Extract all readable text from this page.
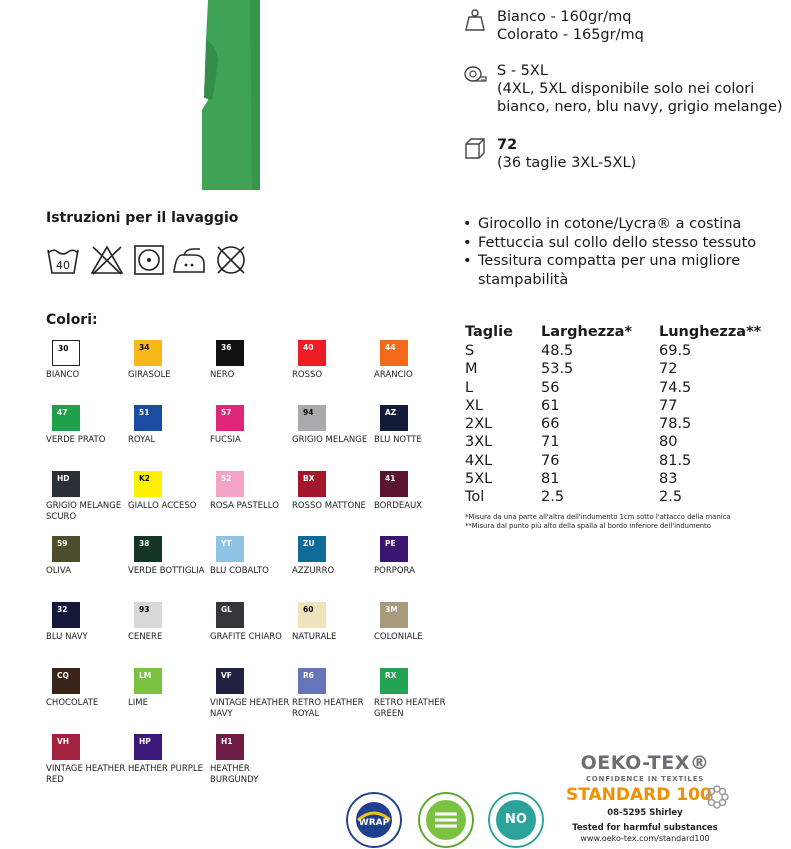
Bianco - 160gr/mq
Colorato - 165gr/mq
S - 5XL
(4XL, 5XL disponibile solo nei colori
bianco, nero, blu navy, grigio melange)
72
(36 taglie 3XL-5XL)
Istruzioni per il lavaggio
40
• Girocollo in cotone/Lycra® a costina
• Fettuccia sul collo dello stesso tessuto
• Tessitura compatta per una migliore stampabilità
Colori:
30
BIANCO
34
GIRASOLE
36
NERO
40
ROSSO
44
ARANCIO
47
VERDE PRATO
51
ROYAL
57
FUCSIA
94
GRIGIO MELANGE
AZ
BLU NOTTE
HD
GRIGIO MELANGE SCURO
K2
GIALLO ACCESO
52
ROSA PASTELLO
BX
ROSSO MATTONE
41
BORDEAUX
59
OLIVA
38
VERDE BOTTIGLIA
YT
BLU COBALTO
ZU
AZZURRO
PE
PORPORA
32
BLU NAVY
93
CENERE
GL
GRAFITE CHIARO
60
NATURALE
3M
COLONIALE
CQ
CHOCOLATE
LM
LIME
VF
VINTAGE HEATHER NAVY
R6
RETRO HEATHER ROYAL
RX
RETRO HEATHER GREEN
VH
VINTAGE HEATHER RED
HP
HEATHER PURPLE
H1
HEATHER BURGUNDY
Taglie	Larghezza*	Lunghezza**
S	48.5	69.5
M	53.5	72
L	56	74.5
XL	61	77
2XL	66	78.5
3XL	71	80
4XL	76	81.5
5XL	81	83
Tol	2.5	2.5
*Misura da una parte all'altra dell'indumento 1cm sotto l'attacco della manica
**Misura dal punto più alto della spalla al bordo inferiore dell'indumento
WRAP	NO
OEKO-TEX®
CONFIDENCE IN TEXTILES
STANDARD 100
08-5295 Shirley
Tested for harmful substances
www.oeko-tex.com/standard100
